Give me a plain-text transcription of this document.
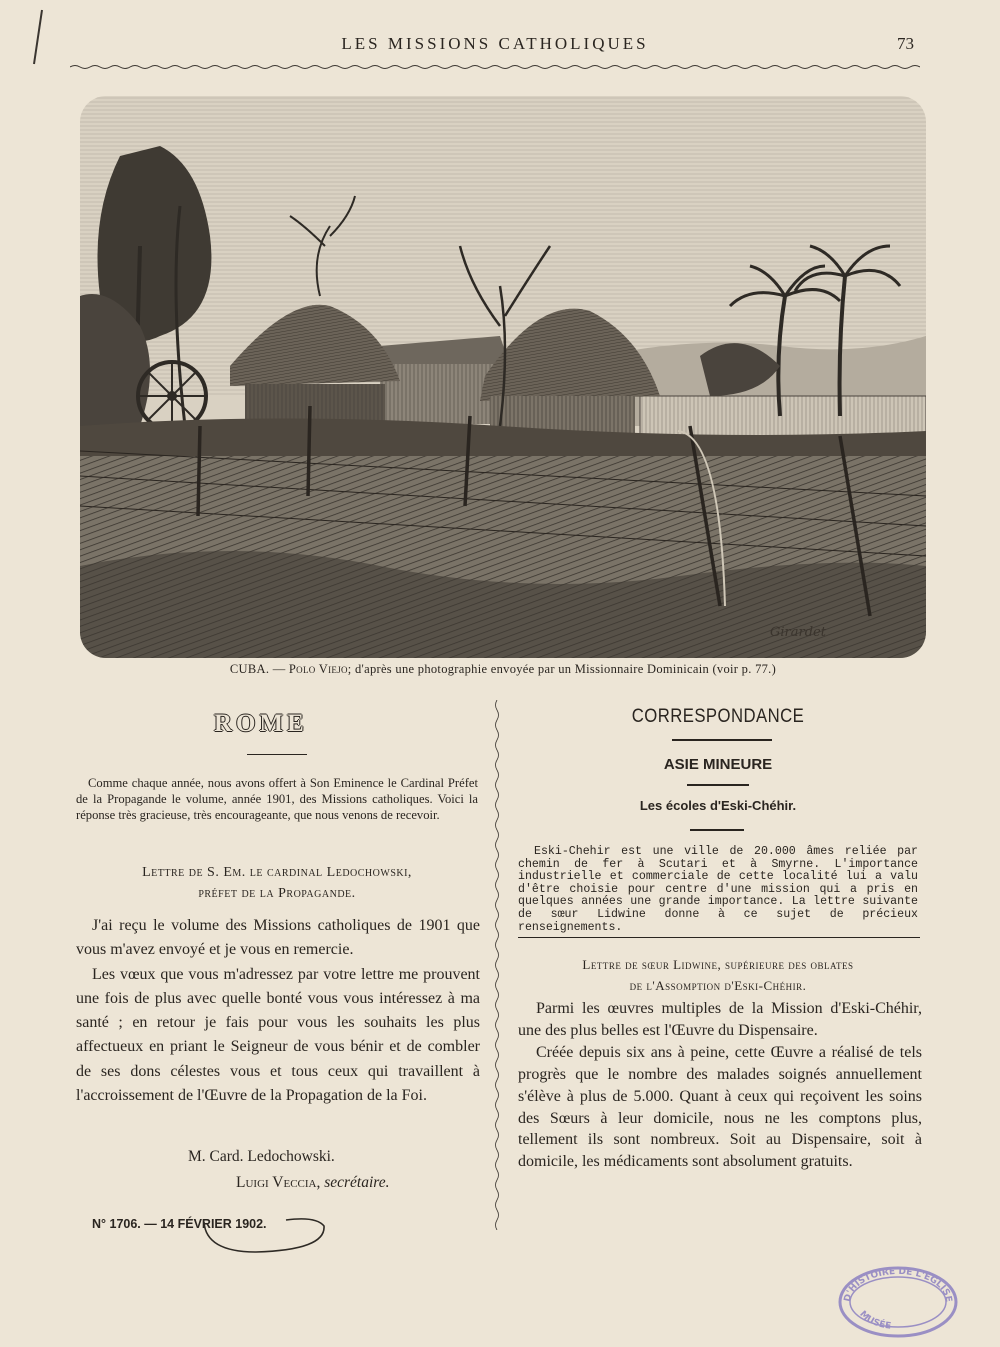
LES MISSIONS CATHOLIQUES	73
Girardet
CUBA. — Polo Viejo; d'après une photographie envoyée par un Missionnaire Dominicain (voir p. 77.)
ROME
Comme chaque année, nous avons offert à Son Eminence le Cardinal Préfet de la Propagande le volume, année 1901, des Missions catholiques. Voici la réponse très gracieuse, très encourageante, que nous venons de recevoir.
Lettre de S. Em. le cardinal Ledochowski,
préfet de la Propagande.

J'ai reçu le volume des Missions catholiques de 1901 que vous m'avez envoyé et je vous en remercie.

Les vœux que vous m'adressez par votre lettre me prouvent une fois de plus avec quelle bonté vous vous intéressez à ma santé ; en retour je fais pour vous les souhaits les plus affectueux en priant le Seigneur de vous bénir et de combler de ses dons célestes vous et tous ceux qui travaillent à l'accroissement de l'Œuvre de la Propagation de la Foi.

M. Card. Ledochowski.
Luigi Veccia, secrétaire.
N° 1706. — 14 FÉVRIER 1902.
CORRESPONDANCE
ASIE MINEURE
Les écoles d'Eski-Chéhir.
Eski-Chehir est une ville de 20.000 âmes reliée par chemin de fer à Scutari et à Smyrne. L'importance industrielle et commerciale de cette localité lui a valu d'être choisie pour centre d'une mission qui a pris en quelques années une grande importance. La lettre suivante de sœur Lidwine donne à ce sujet de précieux renseignements.
Lettre de sœur Lidwine, supérieure des oblates
de l'Assomption d'Eski-Chéhir.

Parmi les œuvres multiples de la Mission d'Eski-Chéhir, une des plus belles est l'Œuvre du Dispensaire.

Créée depuis six ans à peine, cette Œuvre a réalisé de tels progrès que le nombre des malades soignés annuellement s'élève à plus de 5.000. Quant à ceux qui reçoivent les soins des Sœurs à leur domicile, nous ne les comptons plus, tellement ils sont nombreux. Soit au Dispensaire, soit à domicile, les médicaments sont absolument gratuits.

D'HISTOIRE DE L'ÉGLISE
MUSÉE
